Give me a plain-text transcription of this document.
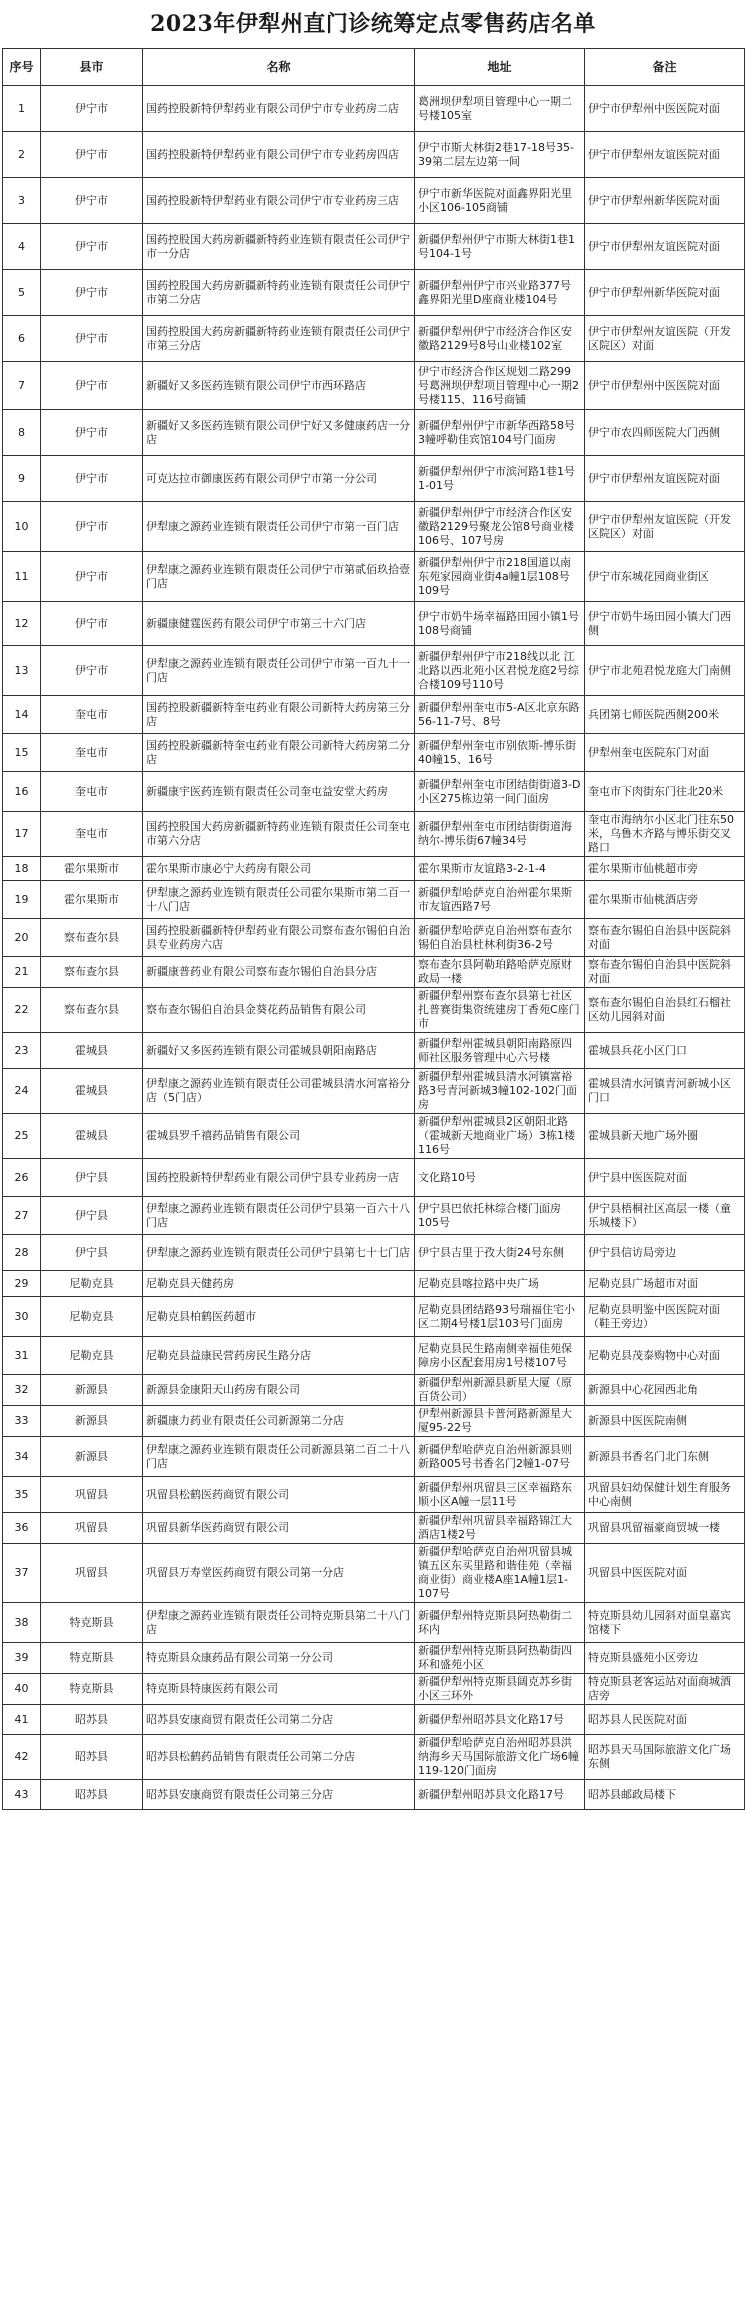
2023年伊犁州直门诊统筹定点零售药店名单
序号	县市	名称	地址	备注
1	伊宁市	国药控股新特伊犁药业有限公司伊宁市专业药房二店	葛洲坝伊犁项目管理中心一期二号楼105室	伊宁市伊犁州中医医院对面
2	伊宁市	国药控股新特伊犁药业有限公司伊宁市专业药房四店	伊宁市斯大林街2巷17-18号35-39第二层左边第一间	伊宁市伊犁州友谊医院对面
3	伊宁市	国药控股新特伊犁药业有限公司伊宁市专业药房三店	伊宁市新华医院对面鑫界阳光里小区106-105商铺	伊宁市伊犁州新华医院对面
4	伊宁市	国药控股国大药房新疆新特药业连锁有限责任公司伊宁市一分店	新疆伊犁州伊宁市斯大林街1巷1号104-1号	伊宁市伊犁州友谊医院对面
5	伊宁市	国药控股国大药房新疆新特药业连锁有限责任公司伊宁市第二分店	新疆伊犁州伊宁市兴业路377号鑫界阳光里D座商业楼104号	伊宁市伊犁州新华医院对面
6	伊宁市	国药控股国大药房新疆新特药业连锁有限责任公司伊宁市第三分店	新疆伊犁州伊宁市经济合作区安徽路2129号8号山业楼102室	伊宁市伊犁州友谊医院（开发区院区）对面
7	伊宁市	新疆好又多医药连锁有限公司伊宁市西环路店	伊宁市经济合作区规划二路299号葛洲坝伊犁项目管理中心一期2号楼115、116号商铺	伊宁市伊犁州中医医院对面
8	伊宁市	新疆好又多医药连锁有限公司伊宁好又多健康药店一分店	新疆伊犁州伊宁市新华西路58号3幢呼勒佳宾馆104号门面房	伊宁市农四师医院大门西侧
9	伊宁市	可克达拉市御康医药有限公司伊宁市第一分公司	新疆伊犁州伊宁市滨河路1巷1号1-01号	伊宁市伊犁州友谊医院对面
10	伊宁市	伊犁康之源药业连锁有限责任公司伊宁市第一百门店	新疆伊犁州伊宁市经济合作区安徽路2129号聚龙公馆8号商业楼106号、107号房	伊宁市伊犁州友谊医院（开发区院区）对面
11	伊宁市	伊犁康之源药业连锁有限责任公司伊宁市第贰佰玖拾壹门店	新疆伊犁州伊宁市218国道以南东苑家园商业街4a幢1层108号 109号	伊宁市东城花园商业街区
12	伊宁市	新疆康健霆医药有限公司伊宁市第三十六门店	伊宁市奶牛场幸福路田园小镇1号108号商铺	伊宁市奶牛场田园小镇大门西侧
13	伊宁市	伊犁康之源药业连锁有限责任公司伊宁市第一百九十一门店	新疆伊犁州伊宁市218线以北 江北路以西北苑小区君悦龙庭2号综合楼109号110号	伊宁市北苑君悦龙庭大门南侧
14	奎屯市	国药控股新疆新特奎屯药业有限公司新特大药房第三分店	新疆伊犁州奎屯市5-A区北京东路56-11-7号、8号	兵团第七师医院西侧200米
15	奎屯市	国药控股新疆新特奎屯药业有限公司新特大药房第二分店	新疆伊犁州奎屯市别依斯-博乐街40幢15、16号	伊犁州奎屯医院东门对面
16	奎屯市	新疆康宇医药连锁有限责任公司奎屯益安堂大药房	新疆伊犁州奎屯市团结街街道3-D小区275栋边第一间门面房	奎屯市下肉街东门往北20米
17	奎屯市	国药控股国大药房新疆新特药业连锁有限责任公司奎屯市第六分店	新疆伊犁州奎屯市团结街街道海纳尔-博乐街67幢34号	奎屯市海纳尔小区北门往东50米，乌鲁木齐路与博乐街交叉路口
18	霍尔果斯市	霍尔果斯市康必宁大药房有限公司	霍尔果斯市友谊路3-2-1-4	霍尔果斯市仙桃超市旁
19	霍尔果斯市	伊犁康之源药业连锁有限责任公司霍尔果斯市第二百一十八门店	新疆伊犁哈萨克自治州霍尔果斯市友谊西路7号	霍尔果斯市仙桃酒店旁
20	察布查尔县	国药控股新疆新特伊犁药业有限公司察布查尔锡伯自治县专业药房六店	新疆伊犁哈萨克自治州察布查尔锡伯自治县杜林利街36-2号	察布查尔锡伯自治县中医院斜对面
21	察布查尔县	新疆康普药业有限公司察布查尔锡伯自治县分店	察布查尔县阿勒珀路哈萨克原财政局一楼	察布查尔锡伯自治县中医院斜对面
22	察布查尔县	察布查尔锡伯自治县金葵花药品销售有限公司	新疆伊犁州察布查尔县第七社区扎普赛街集资统建房丁香苑C座门市	察布查尔锡伯自治县红石榴社区幼儿园斜对面
23	霍城县	新疆好又多医药连锁有限公司霍城县朝阳南路店	新疆伊犁州霍城县朝阳南路原四师社区服务管理中心六号楼	霍城县兵花小区门口
24	霍城县	伊犁康之源药业连锁有限责任公司霍城县清水河富裕分店（5门店）	新疆伊犁州霍城县清水河镇富裕路3号青河新城3幢102-102门面房	霍城县清水河镇青河新城小区门口
25	霍城县	霍城县罗千禧药品销售有限公司	新疆伊犁州霍城县2区朝阳北路（霍城新天地商业广场）3栋1楼116号	霍城县新天地广场外圈
26	伊宁县	国药控股新特伊犁药业有限公司伊宁县专业药房一店	文化路10号	伊宁县中医医院对面
27	伊宁县	伊犁康之源药业连锁有限责任公司伊宁县第一百六十八门店	伊宁县巴依托林综合楼门面房105号	伊宁县梧桐社区高层一楼（童乐城楼下）
28	伊宁县	伊犁康之源药业连锁有限责任公司伊宁县第七十七门店	伊宁县吉里于孜大街24号东侧	伊宁县信访局旁边
29	尼勒克县	尼勒克县天健药房	尼勒克县喀拉路中央广场	尼勒克县广场超市对面
30	尼勒克县	尼勒克县柏鹤医药超市	尼勒克县团结路93号瑞福住宅小区二期4号楼1层103号门面房	尼勒克县明鉴中医医院对面（鞋王旁边）
31	尼勒克县	尼勒克县益康民营药房民生路分店	尼勒克县民生路南侧幸福佳苑保障房小区配套用房1号楼107号	尼勒克县茂泰购物中心对面
32	新源县	新源县金康阳天山药房有限公司	新疆伊犁州新源县新星大厦（原百货公司）	新源县中心花园西北角
33	新源县	新疆康力药业有限责任公司新源第二分店	伊犁州新源县卡普河路新源星大厦95-22号	新源县中医医院南侧
34	新源县	伊犁康之源药业连锁有限责任公司新源县第二百二十八门店	新疆伊犁哈萨克自治州新源县则新路005号书香名门2幢1-07号	新源县书香名门北门东侧
35	巩留县	巩留县松鹤医药商贸有限公司	新疆伊犁州巩留县三区幸福路东顺小区A幢一层11号	巩留县妇幼保健计划生育服务中心南侧
36	巩留县	巩留县新华医药商贸有限公司	新疆伊犁州巩留县幸福路锦江大酒店1楼2号	巩留县巩留福豪商贸城一楼
37	巩留县	巩留县万寿堂医药商贸有限公司第一分店	新疆伊犁哈萨克自治州巩留县城镇五区东买里路和谐佳苑（幸福商业街）商业楼A座1A幢1层1-107号	巩留县中医医院对面
38	特克斯县	伊犁康之源药业连锁有限责任公司特克斯县第二十八门店	新疆伊犁州特克斯县阿热勒街二环内	特克斯县幼儿园斜对面皇嘉宾馆楼下
39	特克斯县	特克斯县众康药品有限公司第一分公司	新疆伊犁州特克斯县阿热勒街四环和盛苑小区	特克斯县盛苑小区旁边
40	特克斯县	特克斯县特康医药有限公司	新疆伊犁州特克斯县阔克苏乡街小区三环外	特克斯县老客运站对面商城酒店旁
41	昭苏县	昭苏县安康商贸有限责任公司第二分店	新疆伊犁州昭苏县文化路17号	昭苏县人民医院对面
42	昭苏县	昭苏县松鹤药品销售有限责任公司第二分店	新疆伊犁哈萨克自治州昭苏县洪纳海乡天马国际旅游文化广场6幢119-120门面房	昭苏县天马国际旅游文化广场东侧
43	昭苏县	昭苏县安康商贸有限责任公司第三分店	新疆伊犁州昭苏县文化路17号	昭苏县邮政局楼下
